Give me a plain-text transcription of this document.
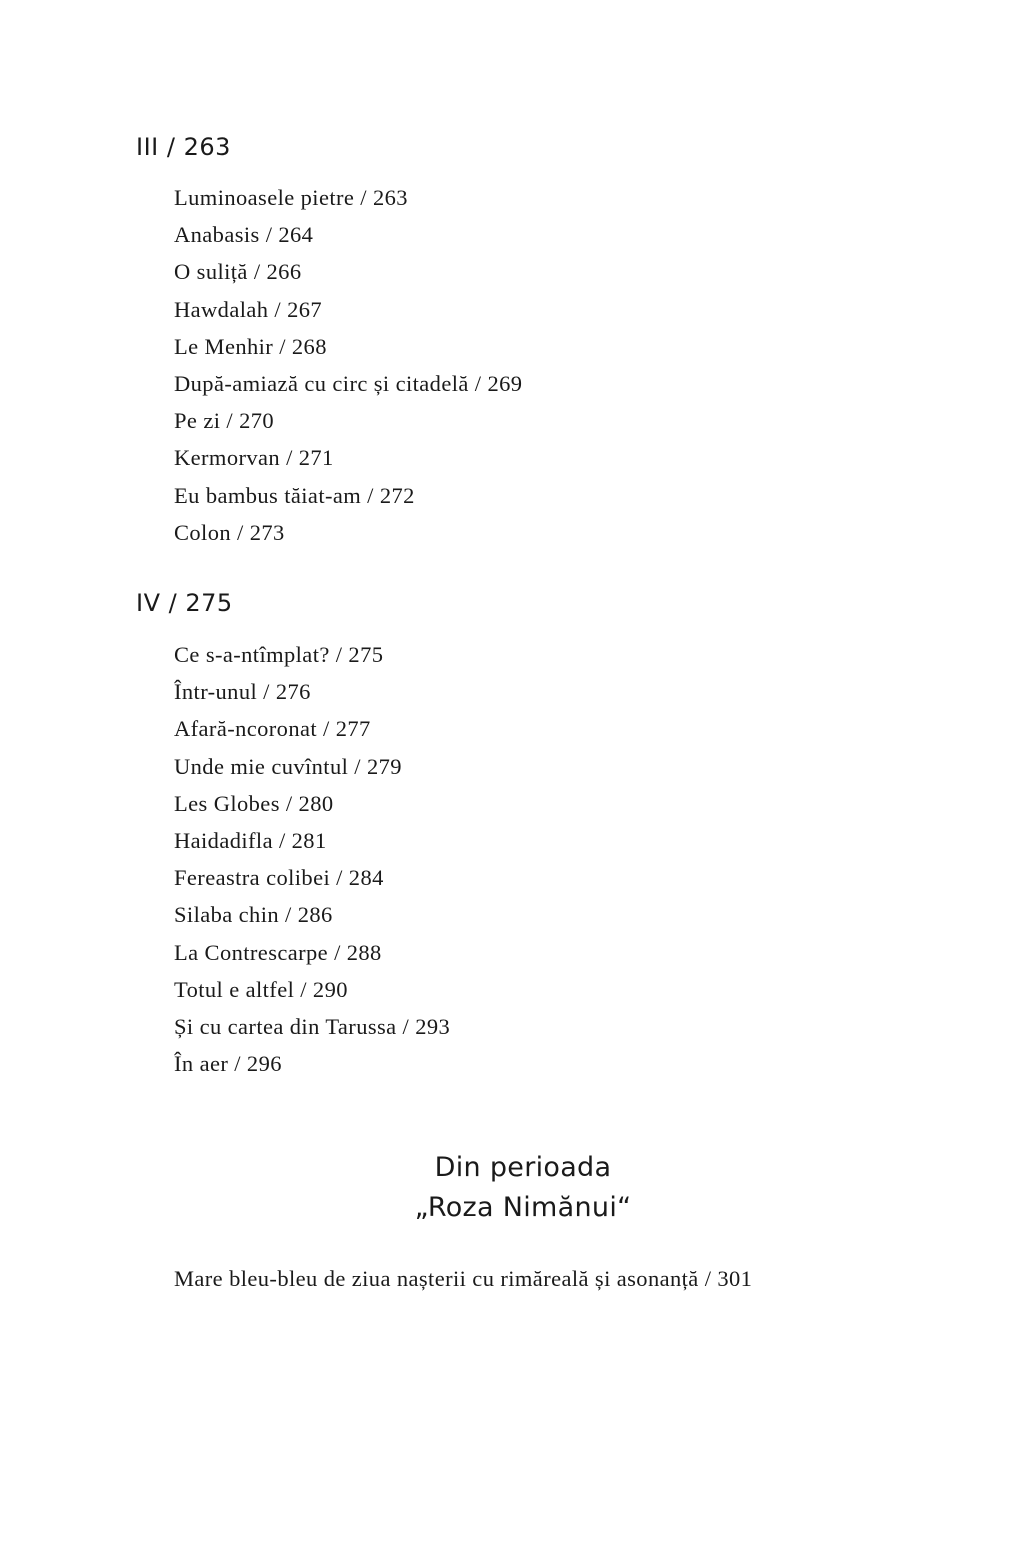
III / 263
Luminoasele pietre / 263
Anabasis / 264
O suliță / 266
Hawdalah / 267
Le Menhir / 268
După-amiază cu circ și citadelă / 269
Pe zi / 270
Kermorvan / 271
Eu bambus tăiat-am / 272
Colon / 273
IV / 275
Ce s-a-ntîmplat? / 275
Într-unul / 276
Afară-ncoronat / 277
Unde mie cuvîntul / 279
Les Globes / 280
Haidadifla / 281
Fereastra colibei / 284
Silaba chin / 286
La Contrescarpe / 288
Totul e altfel / 290
Și cu cartea din Tarussa / 293
În aer / 296
Din perioada
„Roza Nimănui“
Mare bleu-bleu de ziua nașterii cu rimăreală și asonanță / 301
